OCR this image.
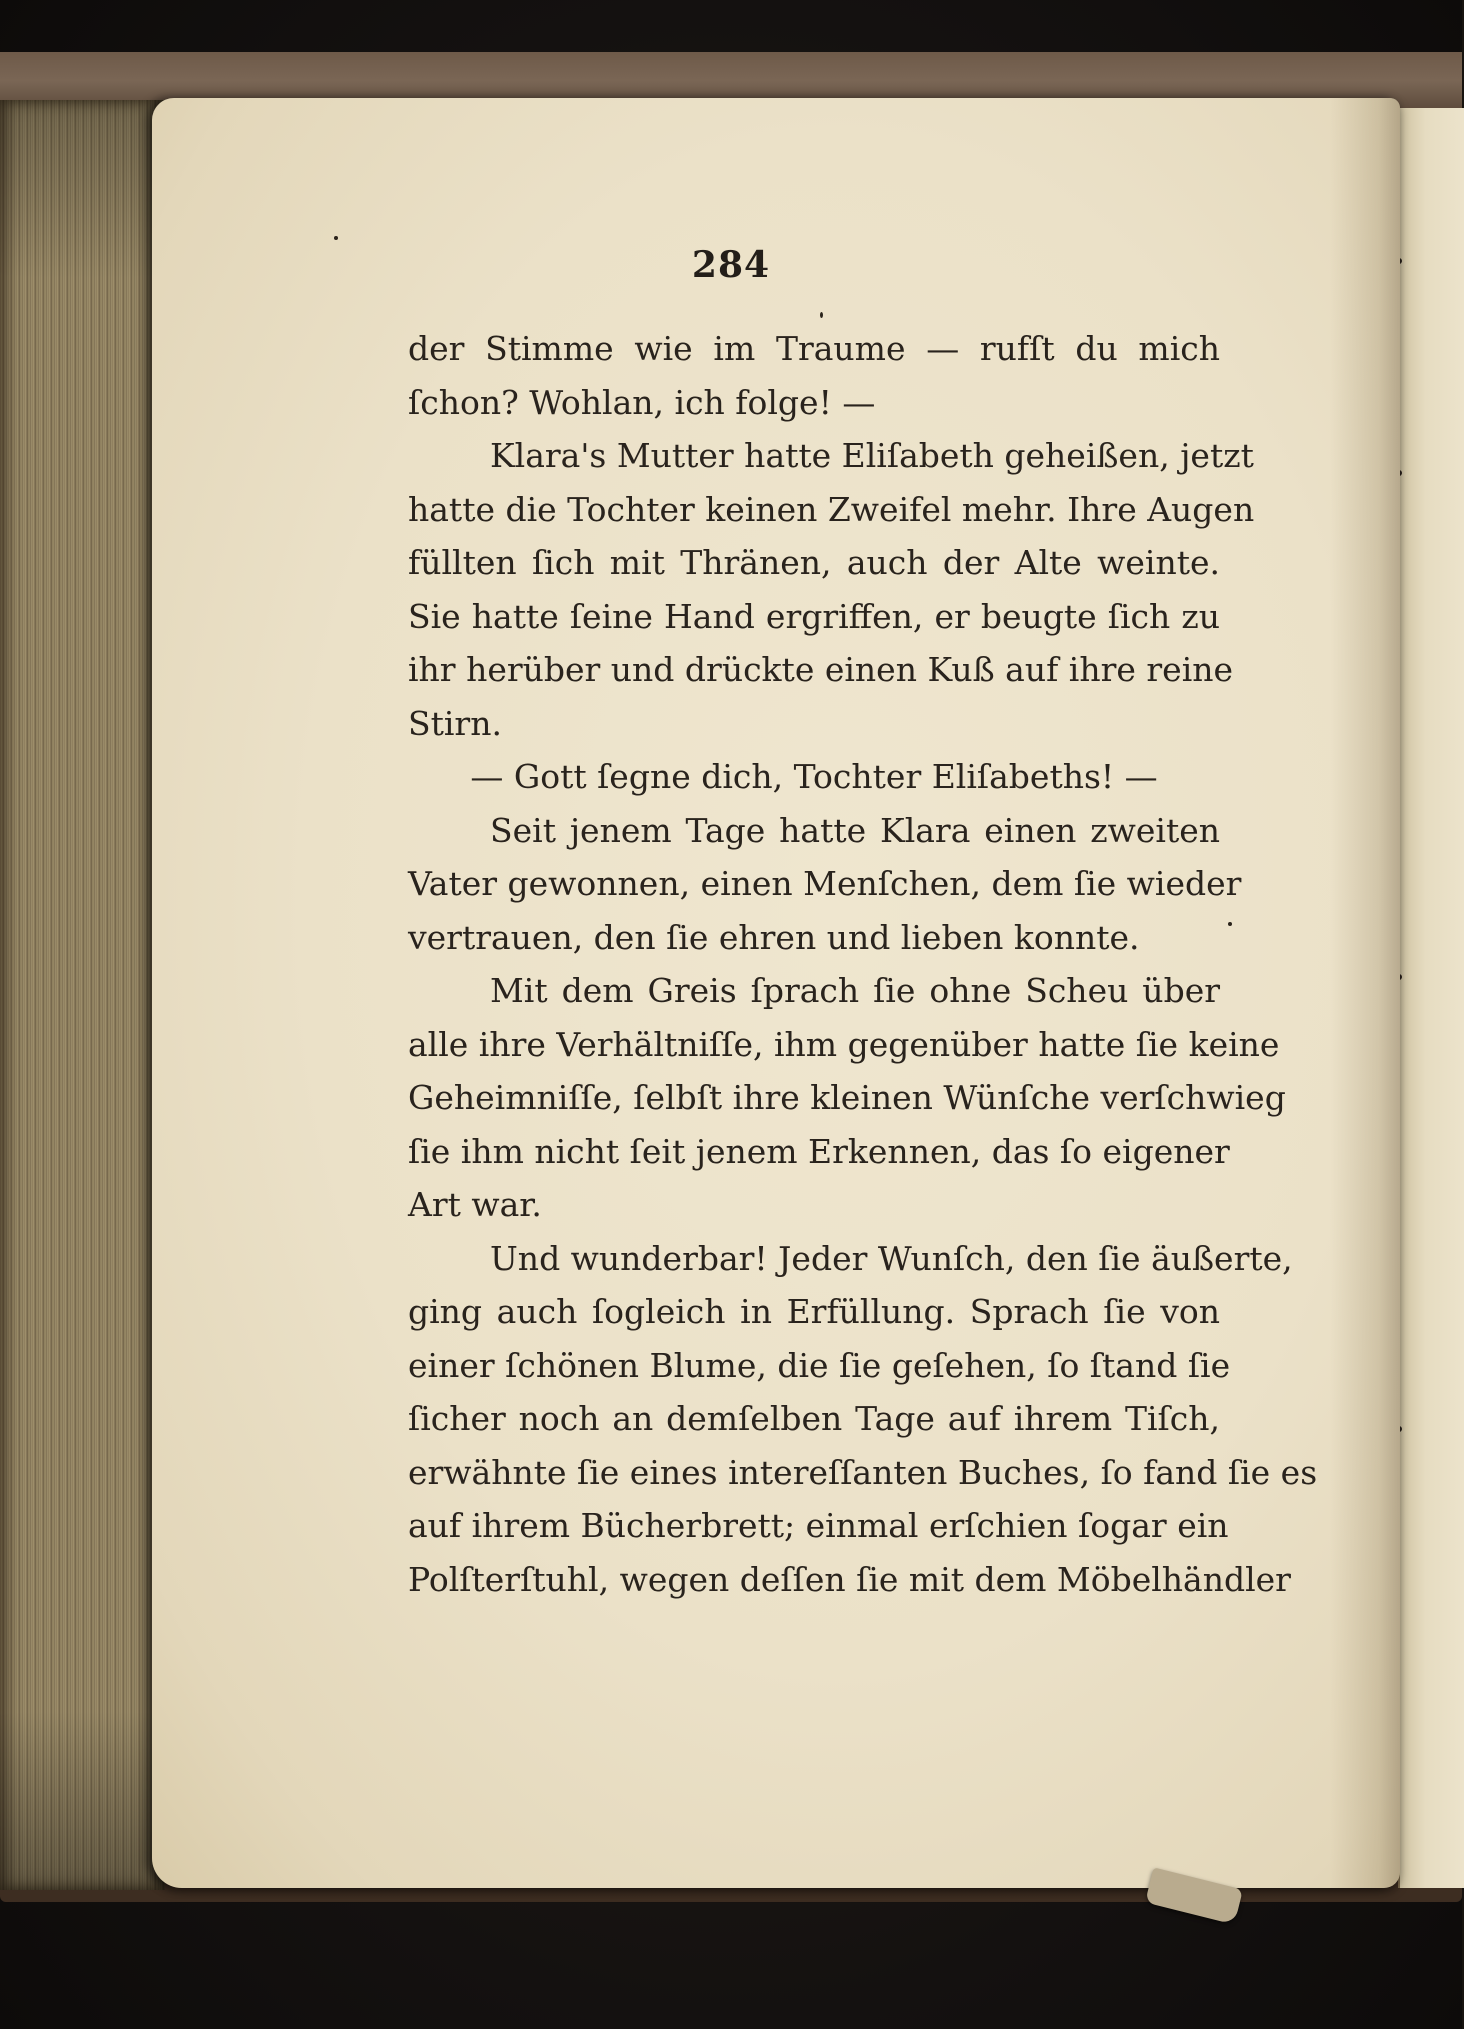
284
der Stimme wie im Traume — rufſt du mich
ſchon? Wohlan, ich folge! —
Klara's Mutter hatte Eliſabeth geheißen, jetzt
hatte die Tochter keinen Zweifel mehr. Ihre Augen
füllten ſich mit Thränen, auch der Alte weinte.
Sie hatte ſeine Hand ergriffen, er beugte ſich zu
ihr herüber und drückte einen Kuß auf ihre reine
Stirn.
— Gott ſegne dich, Tochter Eliſabeths! —
Seit jenem Tage hatte Klara einen zweiten
Vater gewonnen, einen Menſchen, dem ſie wieder
vertrauen, den ſie ehren und lieben konnte.
Mit dem Greis ſprach ſie ohne Scheu über
alle ihre Verhältniſſe, ihm gegenüber hatte ſie keine
Geheimniſſe, ſelbſt ihre kleinen Wünſche verſchwieg
ſie ihm nicht ſeit jenem Erkennen, das ſo eigener
Art war.
Und wunderbar! Jeder Wunſch, den ſie äußerte,
ging auch ſogleich in Erfüllung. Sprach ſie von
einer ſchönen Blume, die ſie geſehen, ſo ſtand ſie
ſicher noch an demſelben Tage auf ihrem Tiſch,
erwähnte ſie eines intereſſanten Buches, ſo fand ſie es
auf ihrem Bücherbrett; einmal erſchien ſogar ein
Polſterſtuhl, wegen deſſen ſie mit dem Möbelhändler
